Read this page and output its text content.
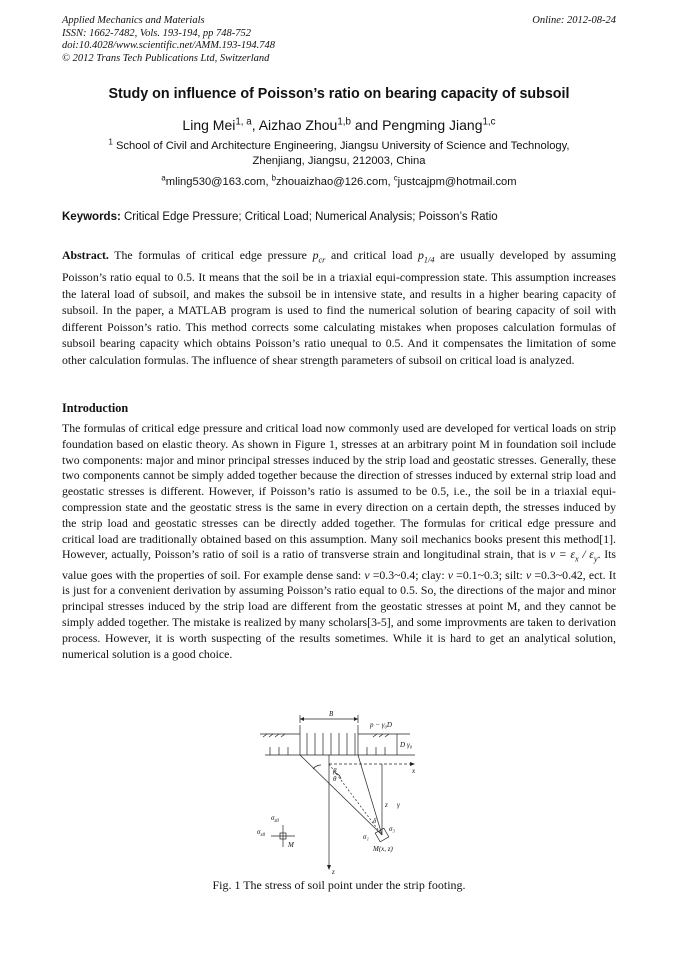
Applied Mechanics and Materials
ISSN: 1662-7482, Vols. 193-194, pp 748-752
doi:10.4028/www.scientific.net/AMM.193-194.748
© 2012 Trans Tech Publications Ltd, Switzerland
Online: 2012-08-24
Study on influence of Poisson’s ratio on bearing capacity of subsoil
Ling Mei$^{1, a}$, Aizhao Zhou$^{1,b}$ and Pengming Jiang$^{1,c}$
$^1$ School of Civil and Architecture Engineering, Jiangsu University of Science and Technology,
Zhenjiang, Jiangsu, 212003, China
$^a$mling530@163.com, $^b$zhouaizhao@126.com, $^c$justcajpm@hotmail.com
Keywords: Critical Edge Pressure; Critical Load; Numerical Analysis; Poisson’s Ratio
Abstract. The formulas of critical edge pressure $p_{cr}$ and critical load $p_{1/4}$ are usually developed by assuming Poisson’s ratio equal to 0.5. It means that the soil be in a triaxial equi-compression state. This assumption increases the lateral load of subsoil, and makes the subsoil be in intensive state, and results in a higher bearing capacity of subsoil. In the paper, a MATLAB program is used to find the numerical solution of bearing capacity of soil with different Poisson’s ratio. This method corrects some calculating mistakes when proposes calculation formulas of subsoil bearing capacity which obtains Poisson’s ratio unequal to 0.5. And it compensates the limitation of some other calculation formulas. The influence of shear strength parameters of subsoil on critical load is analyzed.
Introduction
The formulas of critical edge pressure and critical load now commonly used are developed for vertical loads on strip foundation based on elastic theory. As shown in Figure 1, stresses at an arbitrary point M in foundation soil include two components: major and minor principal stresses induced by the strip load and geostatic stresses. Generally, these two components cannot be simply added together because the direction of stresses induced by external strip load and geostatic stresses is different. However, if Poisson’s ratio is assumed to be 0.5, i.e., the soil be in a triaxial equi-compression state and the geostatic stress is the same in every direction on a certain depth, the stresses induced by the strip load and geostatic stresses can be directly added together. The formulas for critical edge pressure and critical load are traditionally obtained based on this assumption. Many soil mechanics books present this method[1]. However, actually, Poisson’s ratio of soil is a ratio of transverse strain and longitudinal strain, that is $\nu = \varepsilon_x / \varepsilon_y$. Its value goes with the properties of soil. For example dense sand: ν =0.3~0.4; clay: ν =0.1~0.3; silt: ν =0.3~0.42, ect. It is just for a convenient derivation by assuming Poisson’s ratio equal to 0.5. So, the directions of the major and minor principal stresses induced by the strip load are different from the geostatic stresses at point M, and they cannot be simply added together. The mistake is realized by many scholars[3-5], and some improvments are taken to derivation process. However, it is worth suspecting of the results sometimes. While it is hard to get an analytical solution, numerical solution is a good choice.
B
p − γ₀D
D γ₀
x
z
z γ
$\sigma_{z0}$
$\sigma_{x0}$
M	M(x, z)
β
θ
δ
σ₁
σ₃
Fig. 1 The stress of soil point under the strip footing.
